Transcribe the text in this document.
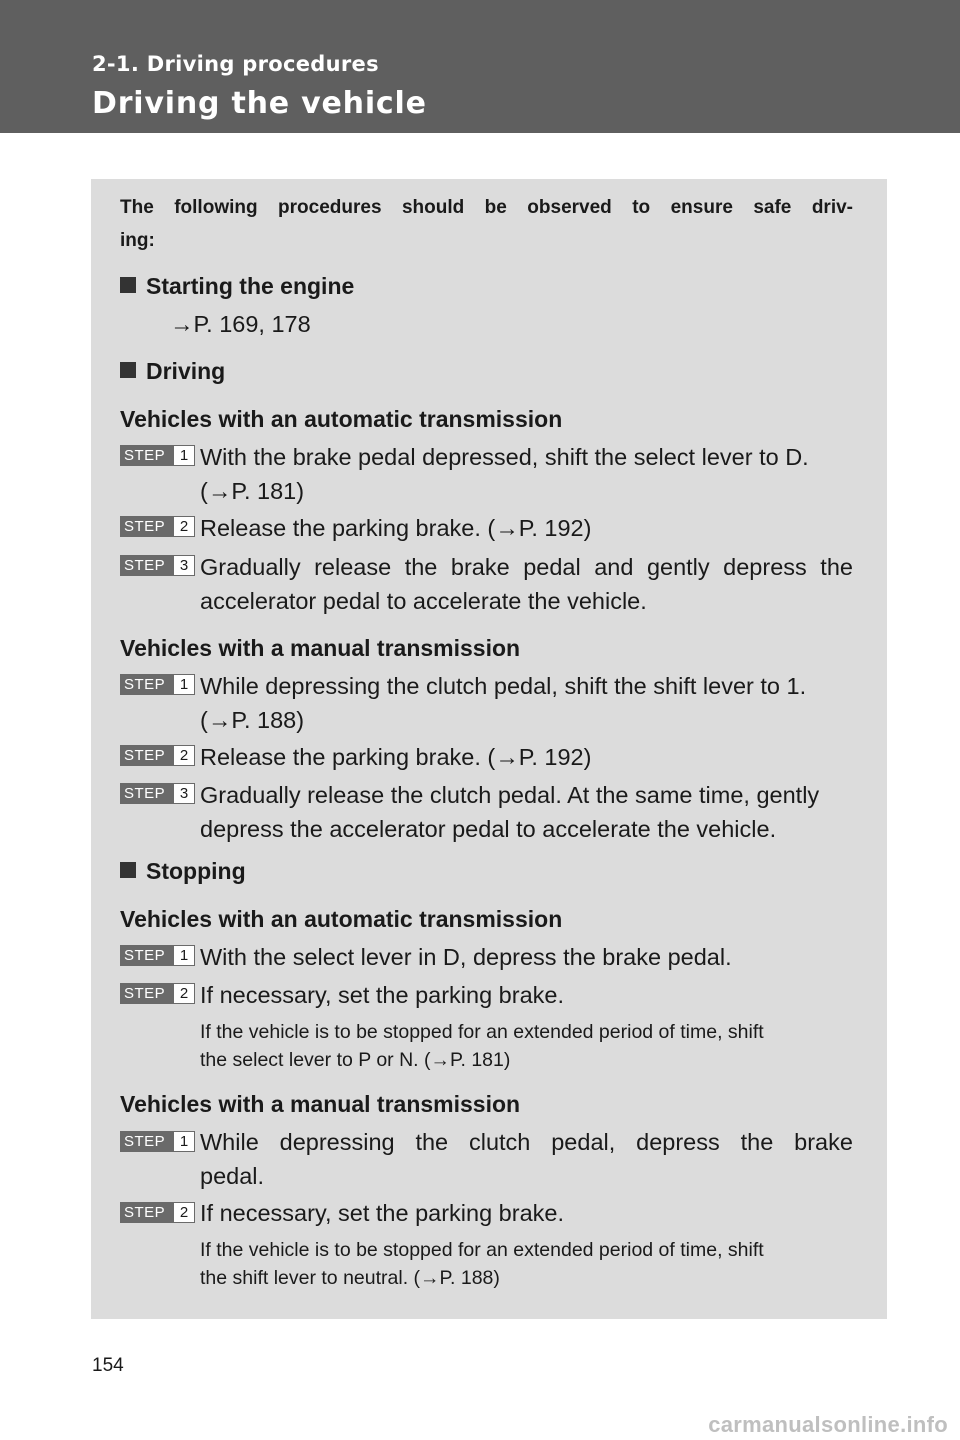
2-1. Driving procedures
Driving the vehicle
The following procedures should be observed to ensure safe driv-
ing:
Starting the engine
→P. 169, 178
Driving
Vehicles with an automatic transmission
STEP 1 With the brake pedal depressed, shift the select lever to D.
(→P. 181)
STEP 2 Release the parking brake. (→P. 192)
STEP 3 Gradually release the brake pedal and gently depress the
accelerator pedal to accelerate the vehicle.
Vehicles with a manual transmission
STEP 1 While depressing the clutch pedal, shift the shift lever to 1.
(→P. 188)
STEP 2 Release the parking brake. (→P. 192)
STEP 3 Gradually release the clutch pedal. At the same time, gently
depress the accelerator pedal to accelerate the vehicle.
Stopping
Vehicles with an automatic transmission
STEP 1 With the select lever in D, depress the brake pedal.
STEP 2 If necessary, set the parking brake.
If the vehicle is to be stopped for an extended period of time, shift
the select lever to P or N. (→P. 181)
Vehicles with a manual transmission
STEP 1 While depressing the clutch pedal, depress the brake
pedal.
STEP 2 If necessary, set the parking brake.
If the vehicle is to be stopped for an extended period of time, shift
the shift lever to neutral. (→P. 188)
154
carmanualsonline.info
